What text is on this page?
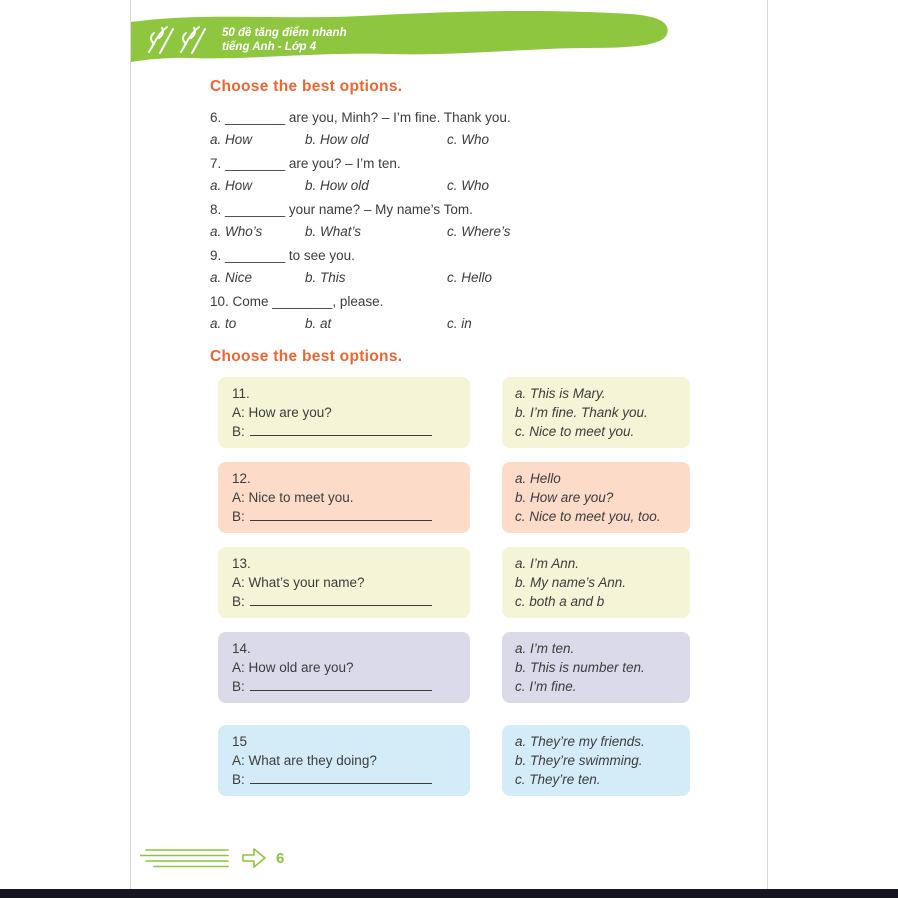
50 đề tăng điểm nhanh
tiếng Anh - Lớp 4
Choose the best options.
6. ________ are you, Minh? – I’m fine. Thank you.
a. How	b. How old	c. Who
7. ________ are you? – I’m ten.
a. How	b. How old	c. Who
8. ________ your name? – My name’s Tom.
a. Who’s	b. What’s	c. Where’s
9. ________ to see you.
a. Nice	b. This	c. Hello
10. Come ________, please.
a. to	b. at	c. in
Choose the best options.
11.
A: How are you?
B:
a. This is Mary.
b. I’m fine. Thank you.
c. Nice to meet you.
12.
A: Nice to meet you.
B:
a. Hello
b. How are you?
c. Nice to meet you, too.
13.
A: What’s your name?
B:
a. I’m Ann.
b. My name’s Ann.
c. both a and b
14.
A: How old are you?
B:
a. I’m ten.
b. This is number ten.
c. I’m fine.
15
A: What are they doing?
B:
a. They’re my friends.
b. They’re swimming.
c. They’re ten.
6
